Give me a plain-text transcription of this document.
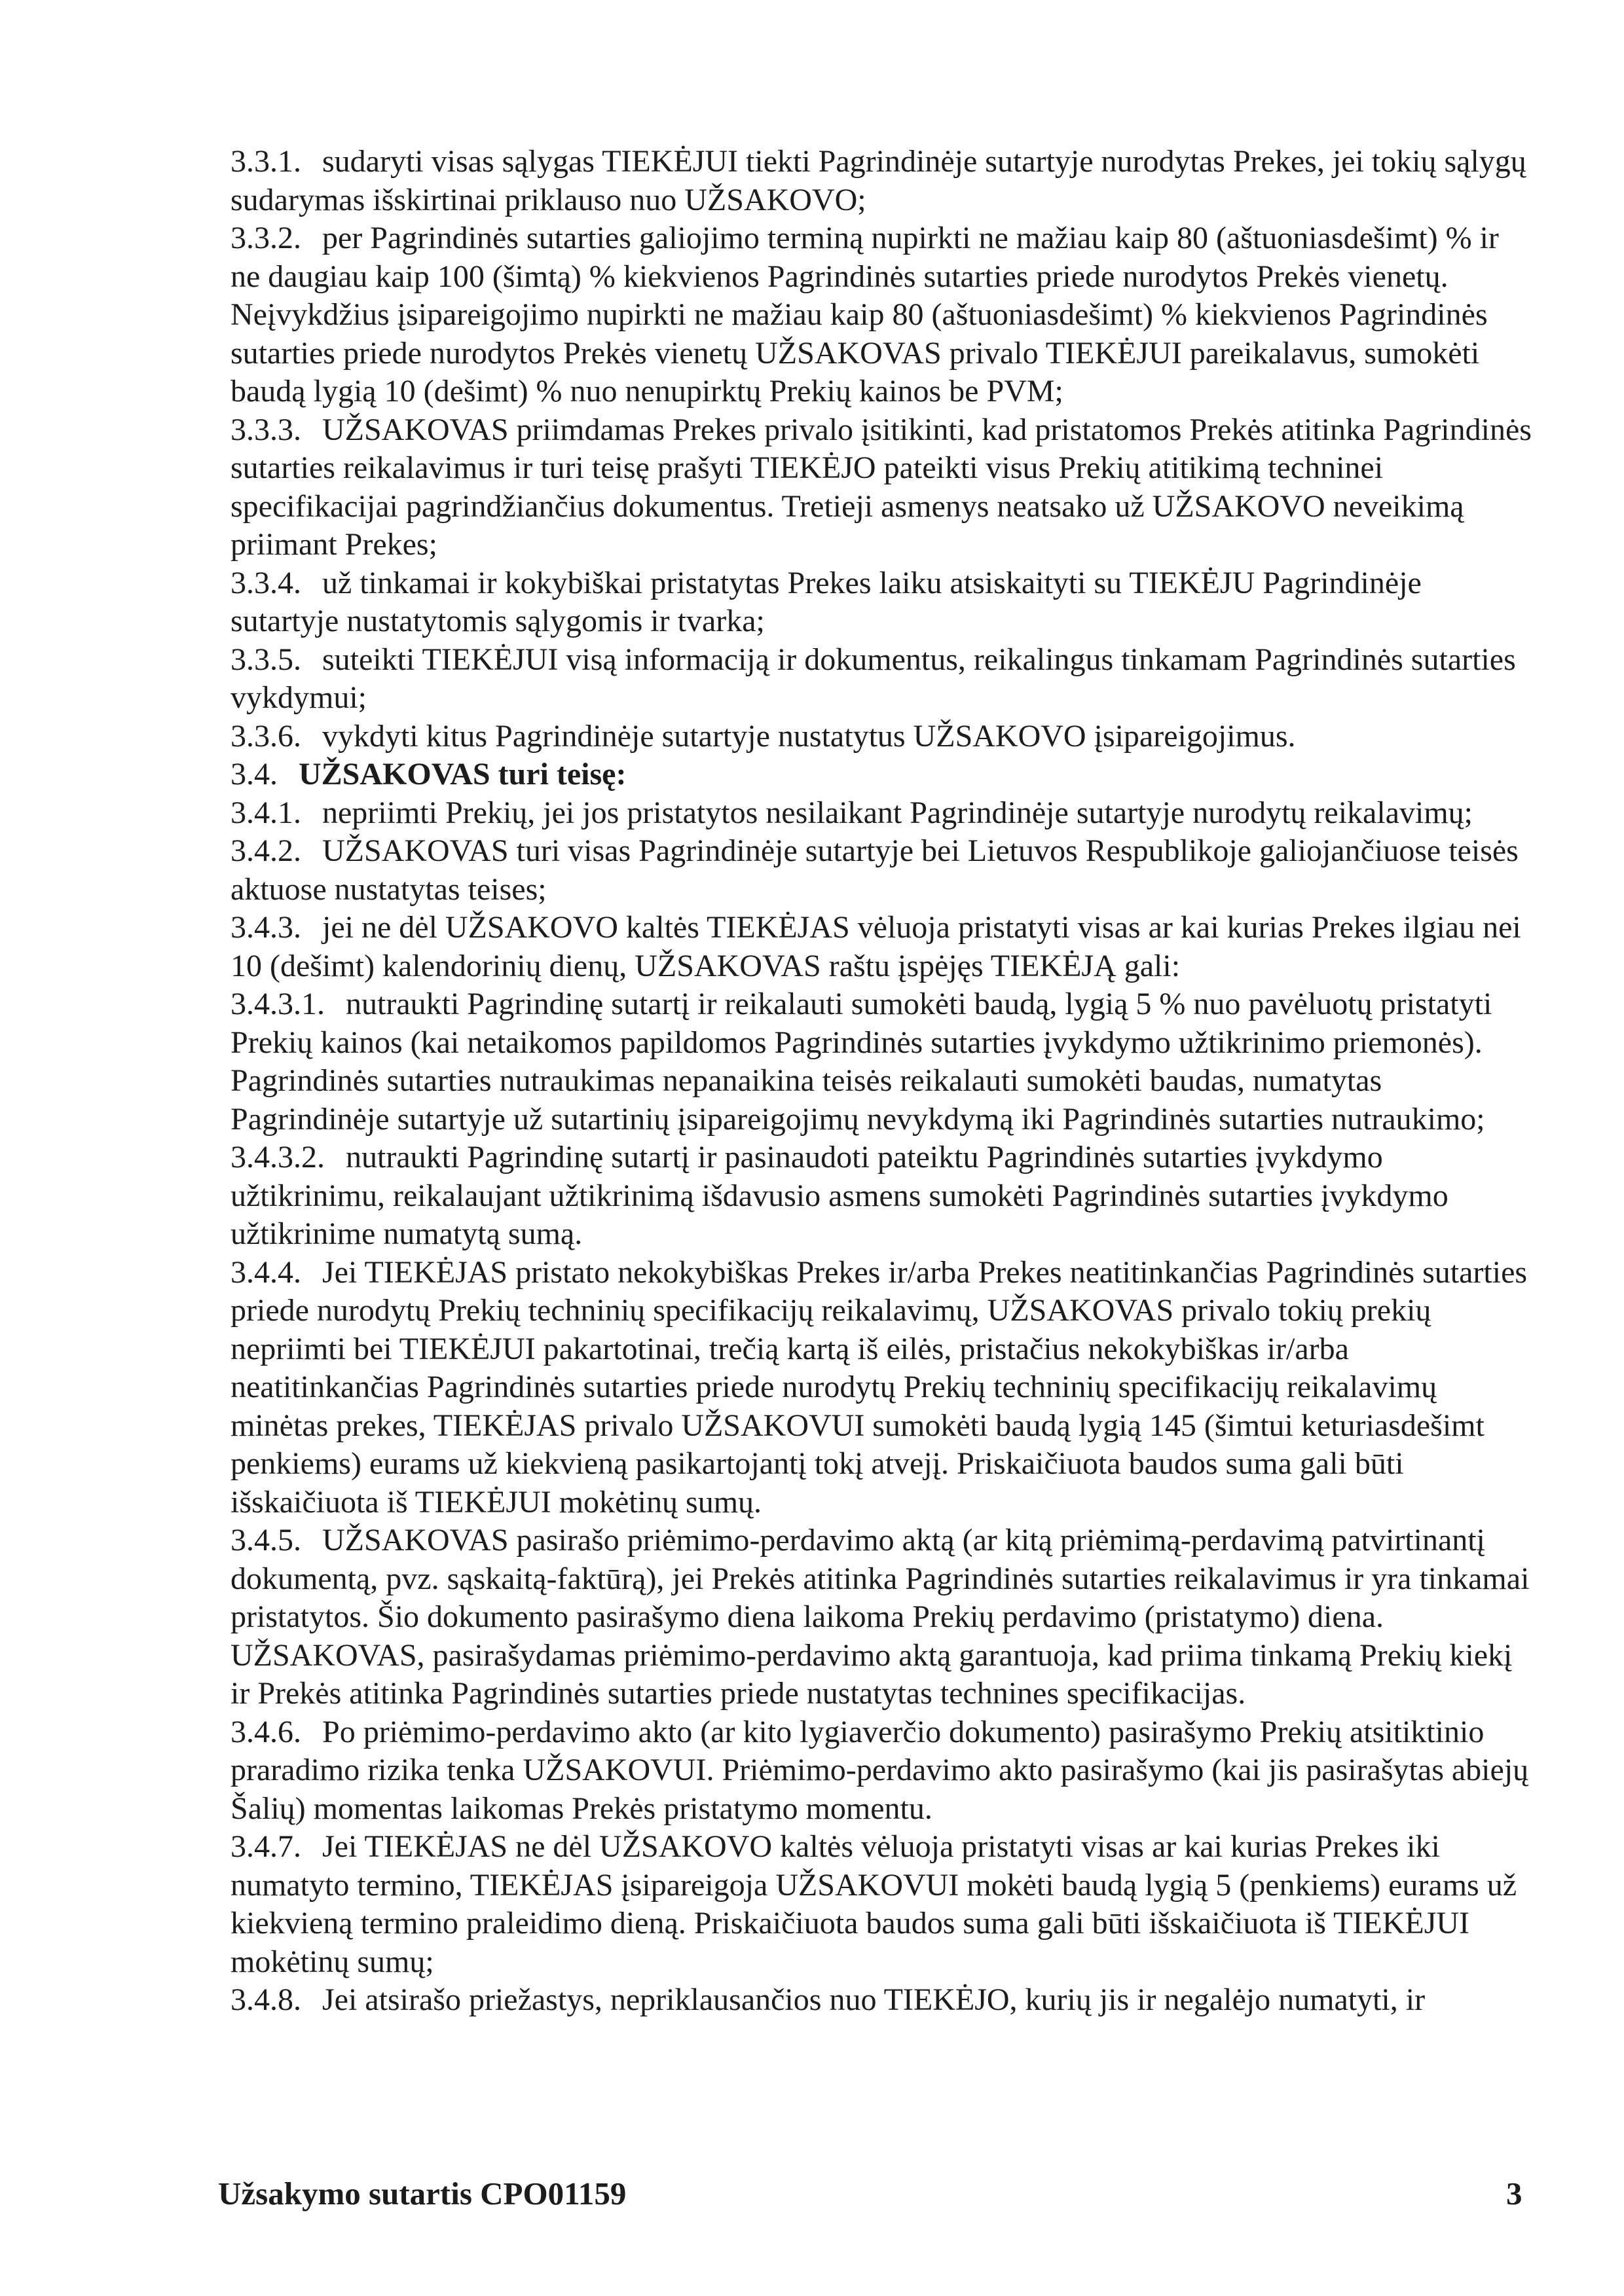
3.3.1. sudaryti visas sąlygas TIEKĖJUI tiekti Pagrindinėje sutartyje nurodytas Prekes, jei tokių sąlygų sudarymas išskirtinai priklauso nuo UŽSAKOVO;

3.3.2. per Pagrindinės sutarties galiojimo terminą nupirkti ne mažiau kaip 80 (aštuoniasdešimt) % ir ne daugiau kaip 100 (šimtą) % kiekvienos Pagrindinės sutarties priede nurodytos Prekės vienetų. Neįvykdžius įsipareigojimo nupirkti ne mažiau kaip 80 (aštuoniasdešimt) % kiekvienos Pagrindinės sutarties priede nurodytos Prekės vienetų UŽSAKOVAS privalo TIEKĖJUI pareikalavus, sumokėti baudą lygią 10 (dešimt) % nuo nenupirktų Prekių kainos be PVM;

3.3.3. UŽSAKOVAS priimdamas Prekes privalo įsitikinti, kad pristatomos Prekės atitinka Pagrindinės sutarties reikalavimus ir turi teisę prašyti TIEKĖJO pateikti visus Prekių atitikimą techninei specifikacijai pagrindžiančius dokumentus. Tretieji asmenys neatsako už UŽSAKOVO neveikimą priimant Prekes;

3.3.4. už tinkamai ir kokybiškai pristatytas Prekes laiku atsiskaityti su TIEKĖJU Pagrindinėje sutartyje nustatytomis sąlygomis ir tvarka;

3.3.5. suteikti TIEKĖJUI visą informaciją ir dokumentus, reikalingus tinkamam Pagrindinės sutarties vykdymui;

3.3.6. vykdyti kitus Pagrindinėje sutartyje nustatytus UŽSAKOVO įsipareigojimus.

3.4. UŽSAKOVAS turi teisę:

3.4.1. nepriimti Prekių, jei jos pristatytos nesilaikant Pagrindinėje sutartyje nurodytų reikalavimų;

3.4.2. UŽSAKOVAS turi visas Pagrindinėje sutartyje bei Lietuvos Respublikoje galiojančiuose teisės aktuose nustatytas teises;

3.4.3. jei ne dėl UŽSAKOVO kaltės TIEKĖJAS vėluoja pristatyti visas ar kai kurias Prekes ilgiau nei 10 (dešimt) kalendorinių dienų, UŽSAKOVAS raštu įspėjęs TIEKĖJĄ gali:

3.4.3.1. nutraukti Pagrindinę sutartį ir reikalauti sumokėti baudą, lygią 5 % nuo pavėluotų pristatyti Prekių kainos (kai netaikomos papildomos Pagrindinės sutarties įvykdymo užtikrinimo priemonės). Pagrindinės sutarties nutraukimas nepanaikina teisės reikalauti sumokėti baudas, numatytas Pagrindinėje sutartyje už sutartinių įsipareigojimų nevykdymą iki Pagrindinės sutarties nutraukimo;

3.4.3.2. nutraukti Pagrindinę sutartį ir pasinaudoti pateiktu Pagrindinės sutarties įvykdymo užtikrinimu, reikalaujant užtikrinimą išdavusio asmens sumokėti Pagrindinės sutarties įvykdymo užtikrinime numatytą sumą.

3.4.4. Jei TIEKĖJAS pristato nekokybiškas Prekes ir/arba Prekes neatitinkančias Pagrindinės sutarties priede nurodytų Prekių techninių specifikacijų reikalavimų, UŽSAKOVAS privalo tokių prekių nepriimti bei TIEKĖJUI pakartotinai, trečią kartą iš eilės, pristačius nekokybiškas ir/arba neatitinkančias Pagrindinės sutarties priede nurodytų Prekių techninių specifikacijų reikalavimų minėtas prekes, TIEKĖJAS privalo UŽSAKOVUI sumokėti baudą lygią 145 (šimtui keturiasdešimt penkiems) eurams už kiekvieną pasikartojantį tokį atvejį. Priskaičiuota baudos suma gali būti išskaičiuota iš TIEKĖJUI mokėtinų sumų.

3.4.5. UŽSAKOVAS pasirašo priėmimo-perdavimo aktą (ar kitą priėmimą-perdavimą patvirtinantį dokumentą, pvz. sąskaitą-faktūrą), jei Prekės atitinka Pagrindinės sutarties reikalavimus ir yra tinkamai pristatytos. Šio dokumento pasirašymo diena laikoma Prekių perdavimo (pristatymo) diena. UŽSAKOVAS, pasirašydamas priėmimo-perdavimo aktą garantuoja, kad priima tinkamą Prekių kiekį ir Prekės atitinka Pagrindinės sutarties priede nustatytas technines specifikacijas.

3.4.6. Po priėmimo-perdavimo akto (ar kito lygiaverčio dokumento) pasirašymo Prekių atsitiktinio praradimo rizika tenka UŽSAKOVUI. Priėmimo-perdavimo akto pasirašymo (kai jis pasirašytas abiejų Šalių) momentas laikomas Prekės pristatymo momentu.

3.4.7. Jei TIEKĖJAS ne dėl UŽSAKOVO kaltės vėluoja pristatyti visas ar kai kurias Prekes iki numatyto termino, TIEKĖJAS įsipareigoja UŽSAKOVUI mokėti baudą lygią 5 (penkiems) eurams už kiekvieną termino praleidimo dieną. Priskaičiuota baudos suma gali būti išskaičiuota iš TIEKĖJUI mokėtinų sumų;

3.4.8. Jei atsirašo priežastys, nepriklausančios nuo TIEKĖJO, kurių jis ir negalėjo numatyti, ir

Užsakymo sutartis CPO01159	3
